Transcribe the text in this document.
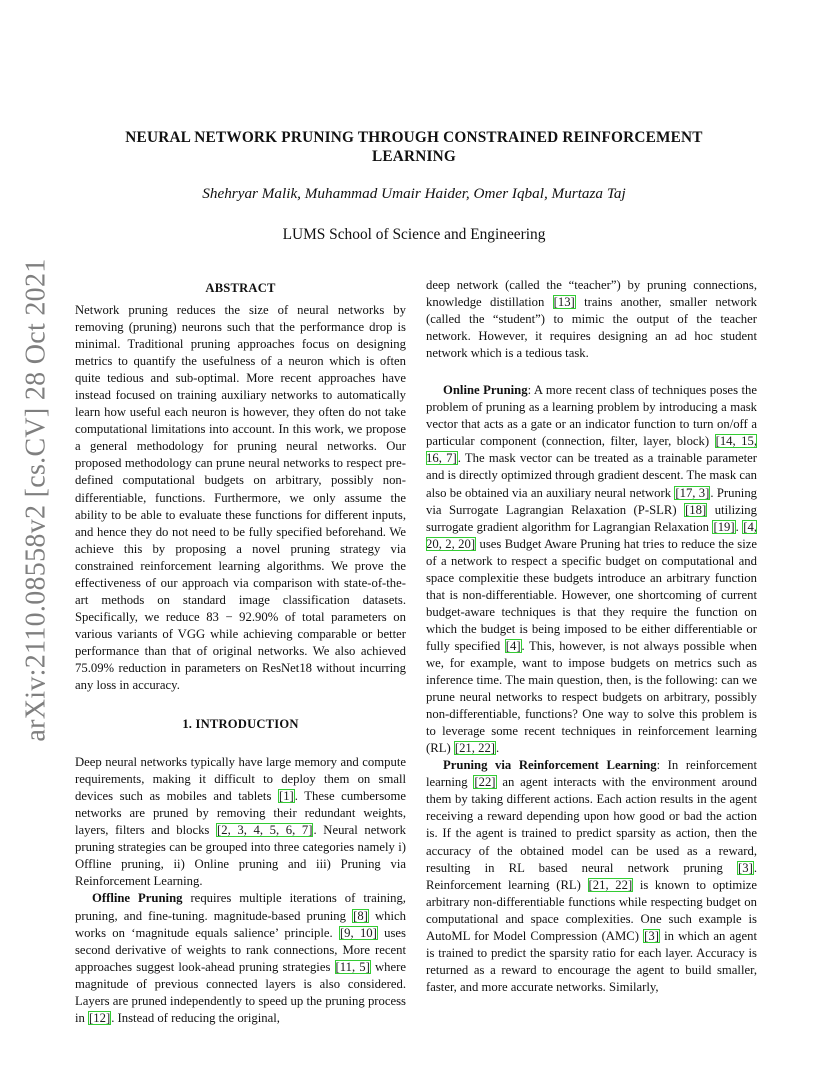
arXiv:2110.08558v2 [cs.CV] 28 Oct 2021
NEURAL NETWORK PRUNING THROUGH CONSTRAINED REINFORCEMENT
LEARNING
Shehryar Malik, Muhammad Umair Haider, Omer Iqbal, Murtaza Taj
LUMS School of Science and Engineering
ABSTRACT

Network pruning reduces the size of neural networks by removing (pruning) neurons such that the performance drop is minimal. Traditional pruning approaches focus on designing metrics to quantify the usefulness of a neuron which is often quite tedious and sub-optimal. More recent approaches have instead focused on training auxiliary networks to automatically learn how useful each neuron is however, they often do not take computational limitations into account. In this work, we propose a general methodology for pruning neural networks. Our proposed methodology can prune neural networks to respect pre-defined computational budgets on arbitrary, possibly non-differentiable, functions. Furthermore, we only assume the ability to be able to evaluate these functions for different inputs, and hence they do not need to be fully specified beforehand. We achieve this by proposing a novel pruning strategy via constrained reinforcement learning algorithms. We prove the effectiveness of our approach via comparison with state-of-the-art methods on standard image classification datasets. Specifically, we reduce 83 − 92.90% of total parameters on various variants of VGG while achieving comparable or better performance than that of original networks. We also achieved 75.09% reduction in parameters on ResNet18 without incurring any loss in accuracy.

1. INTRODUCTION

Deep neural networks typically have large memory and compute requirements, making it difficult to deploy them on small devices such as mobiles and tablets [1]. These cumbersome networks are pruned by removing their redundant weights, layers, filters and blocks [2, 3, 4, 5, 6, 7]. Neural network pruning strategies can be grouped into three categories namely i) Offline pruning, ii) Online pruning and iii) Pruning via Reinforcement Learning.

Offline Pruning requires multiple iterations of training, pruning, and fine-tuning. magnitude-based pruning [8] which works on ‘magnitude equals salience’ principle. [9, 10] uses second derivative of weights to rank connections, More recent approaches suggest look-ahead pruning strategies [11, 5] where magnitude of previous connected layers is also considered. Layers are pruned independently to speed up the pruning process in [12]. Instead of reducing the original,

deep network (called the “teacher”) by pruning connections, knowledge distillation [13] trains another, smaller network (called the “student”) to mimic the output of the teacher network. However, it requires designing an ad hoc student network which is a tedious task.

Online Pruning: A more recent class of techniques poses the problem of pruning as a learning problem by introducing a mask vector that acts as a gate or an indicator function to turn on/off a particular component (connection, filter, layer, block) [14, 15, 16, 7]. The mask vector can be treated as a trainable parameter and is directly optimized through gradient descent. The mask can also be obtained via an auxiliary neural network [17, 3]. Pruning via Surrogate Lagrangian Relaxation (P-SLR) [18] utilizing surrogate gradient algorithm for Lagrangian Relaxation [19]. [4, 20, 2, 20] uses Budget Aware Pruning hat tries to reduce the size of a network to respect a specific budget on computational and space complexitie these budgets introduce an arbitrary function that is non-differentiable. However, one shortcoming of current budget-aware techniques is that they require the function on which the budget is being imposed to be either differentiable or fully specified [4]. This, however, is not always possible when we, for example, want to impose budgets on metrics such as inference time. The main question, then, is the following: can we prune neural networks to respect budgets on arbitrary, possibly non-differentiable, functions? One way to solve this problem is to leverage some recent techniques in reinforcement learning (RL) [21, 22].

Pruning via Reinforcement Learning: In reinforcement learning [22] an agent interacts with the environment around them by taking different actions. Each action results in the agent receiving a reward depending upon how good or bad the action is. If the agent is trained to predict sparsity as action, then the accuracy of the obtained model can be used as a reward, resulting in RL based neural network pruning [3]. Reinforcement learning (RL) [21, 22] is known to optimize arbitrary non-differentiable functions while respecting budget on computational and space complexities. One such example is AutoML for Model Compression (AMC) [3] in which an agent is trained to predict the sparsity ratio for each layer. Accuracy is returned as a reward to encourage the agent to build smaller, faster, and more accurate networks. Similarly,
